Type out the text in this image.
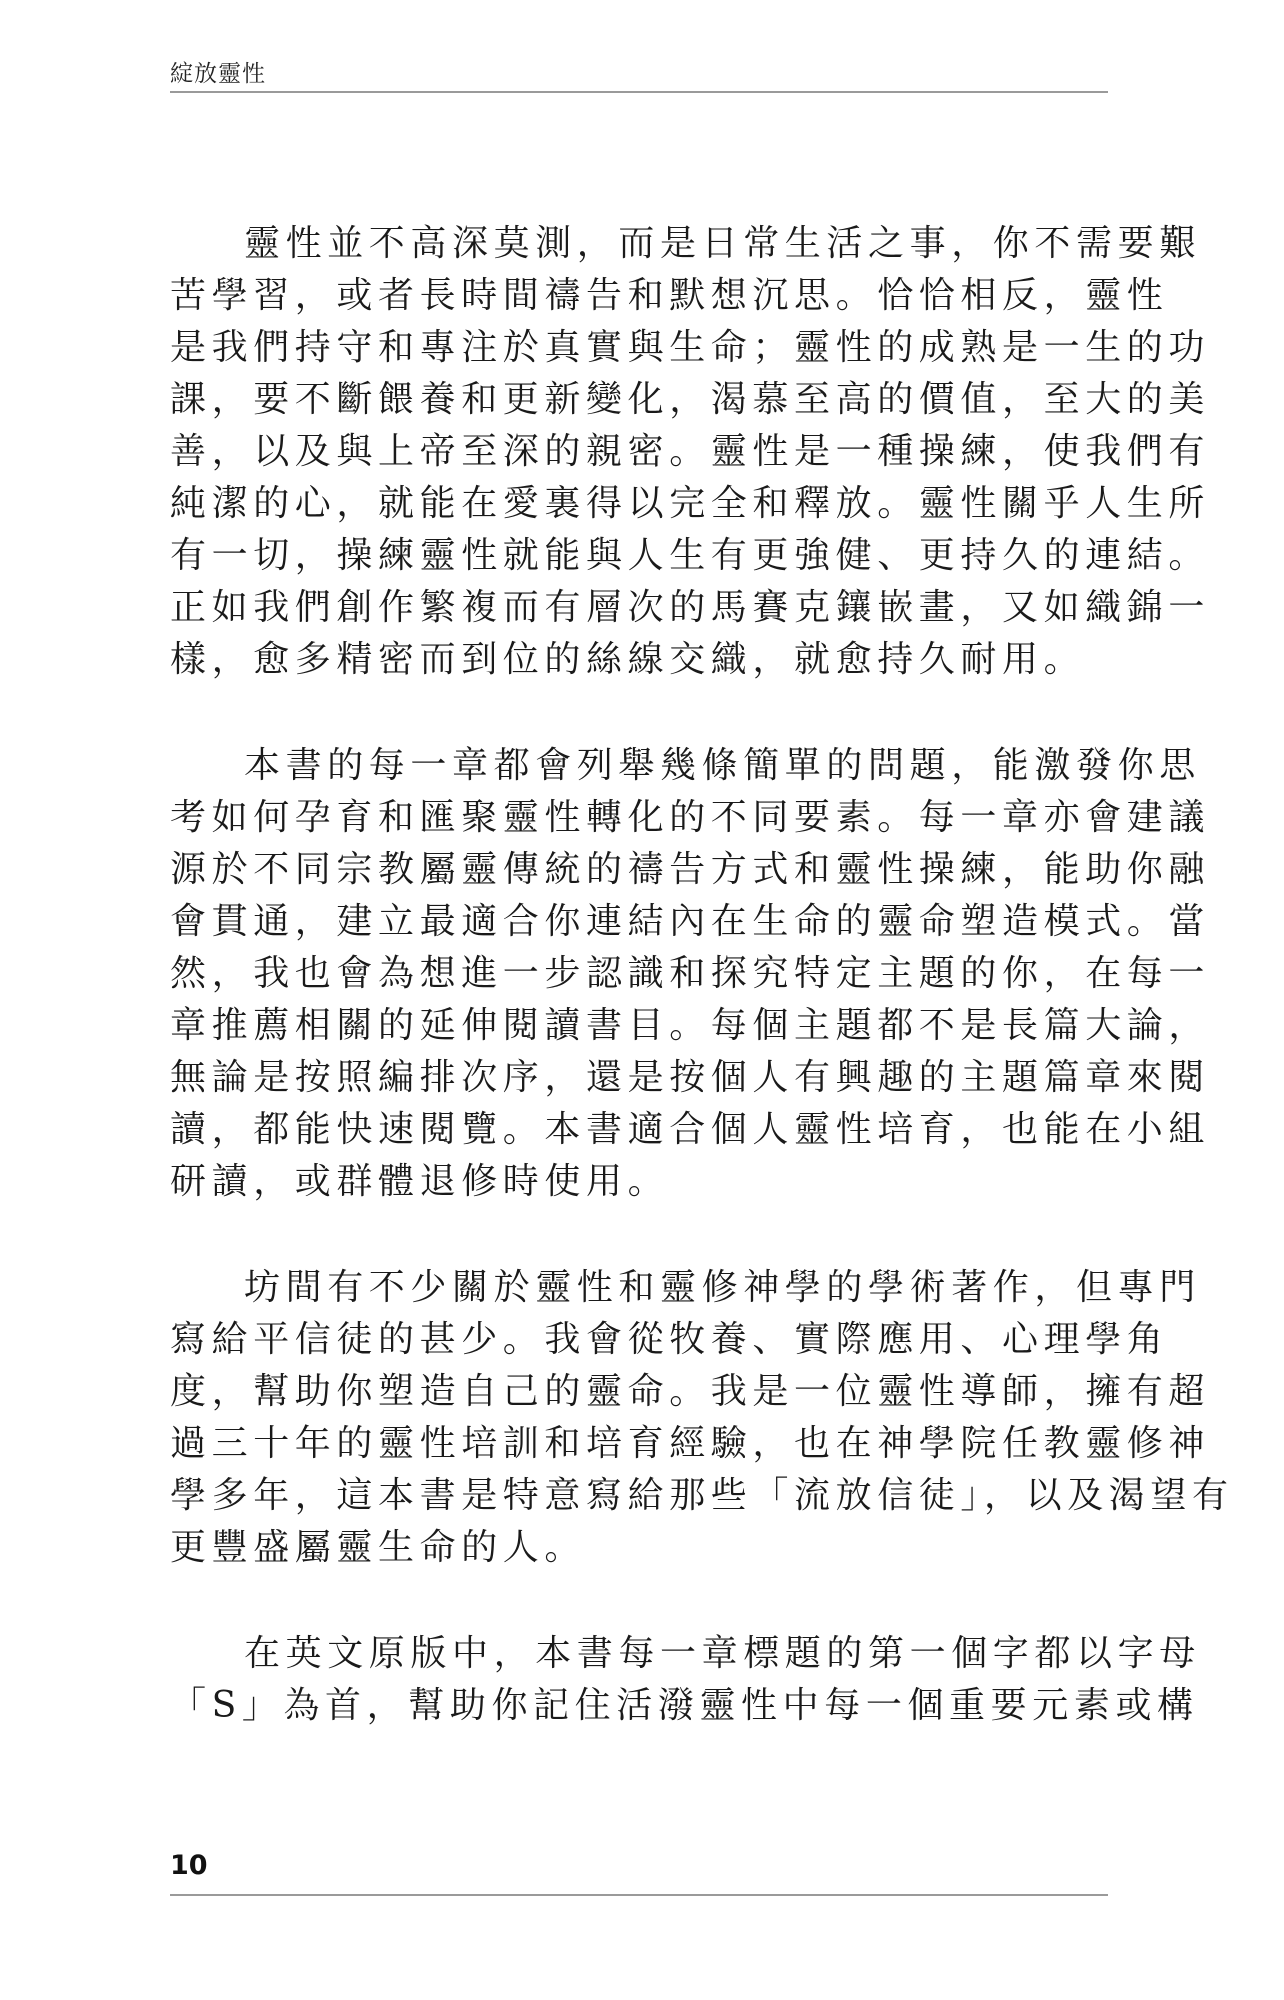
綻放靈性

靈性並不高深莫測，而是日常生活之事，你不需要艱
苦學習，或者長時間禱告和默想沉思。恰恰相反，靈性
是我們持守和專注於真實與生命；靈性的成熟是一生的功
課，要不斷餵養和更新變化，渴慕至高的價值，至大的美
善，以及與上帝至深的親密。靈性是一種操練，使我們有
純潔的心，就能在愛裏得以完全和釋放。靈性關乎人生所
有一切，操練靈性就能與人生有更強健、更持久的連結。
正如我們創作繁複而有層次的馬賽克鑲嵌畫，又如織錦一
樣，愈多精密而到位的絲線交織，就愈持久耐用。

本書的每一章都會列舉幾條簡單的問題，能激發你思
考如何孕育和匯聚靈性轉化的不同要素。每一章亦會建議
源於不同宗教屬靈傳統的禱告方式和靈性操練，能助你融
會貫通，建立最適合你連結內在生命的靈命塑造模式。當
然，我也會為想進一步認識和探究特定主題的你，在每一
章推薦相關的延伸閱讀書目。每個主題都不是長篇大論，
無論是按照編排次序，還是按個人有興趣的主題篇章來閱
讀，都能快速閱覽。本書適合個人靈性培育，也能在小組
研讀，或群體退修時使用。

坊間有不少關於靈性和靈修神學的學術著作，但專門
寫給平信徒的甚少。我會從牧養、實際應用、心理學角
度，幫助你塑造自己的靈命。我是一位靈性導師，擁有超
過三十年的靈性培訓和培育經驗，也在神學院任教靈修神
學多年，這本書是特意寫給那些「流放信徒」，以及渴望有
更豐盛屬靈生命的人。

在英文原版中，本書每一章標題的第一個字都以字母
「S」為首，幫助你記住活潑靈性中每一個重要元素或構

10
